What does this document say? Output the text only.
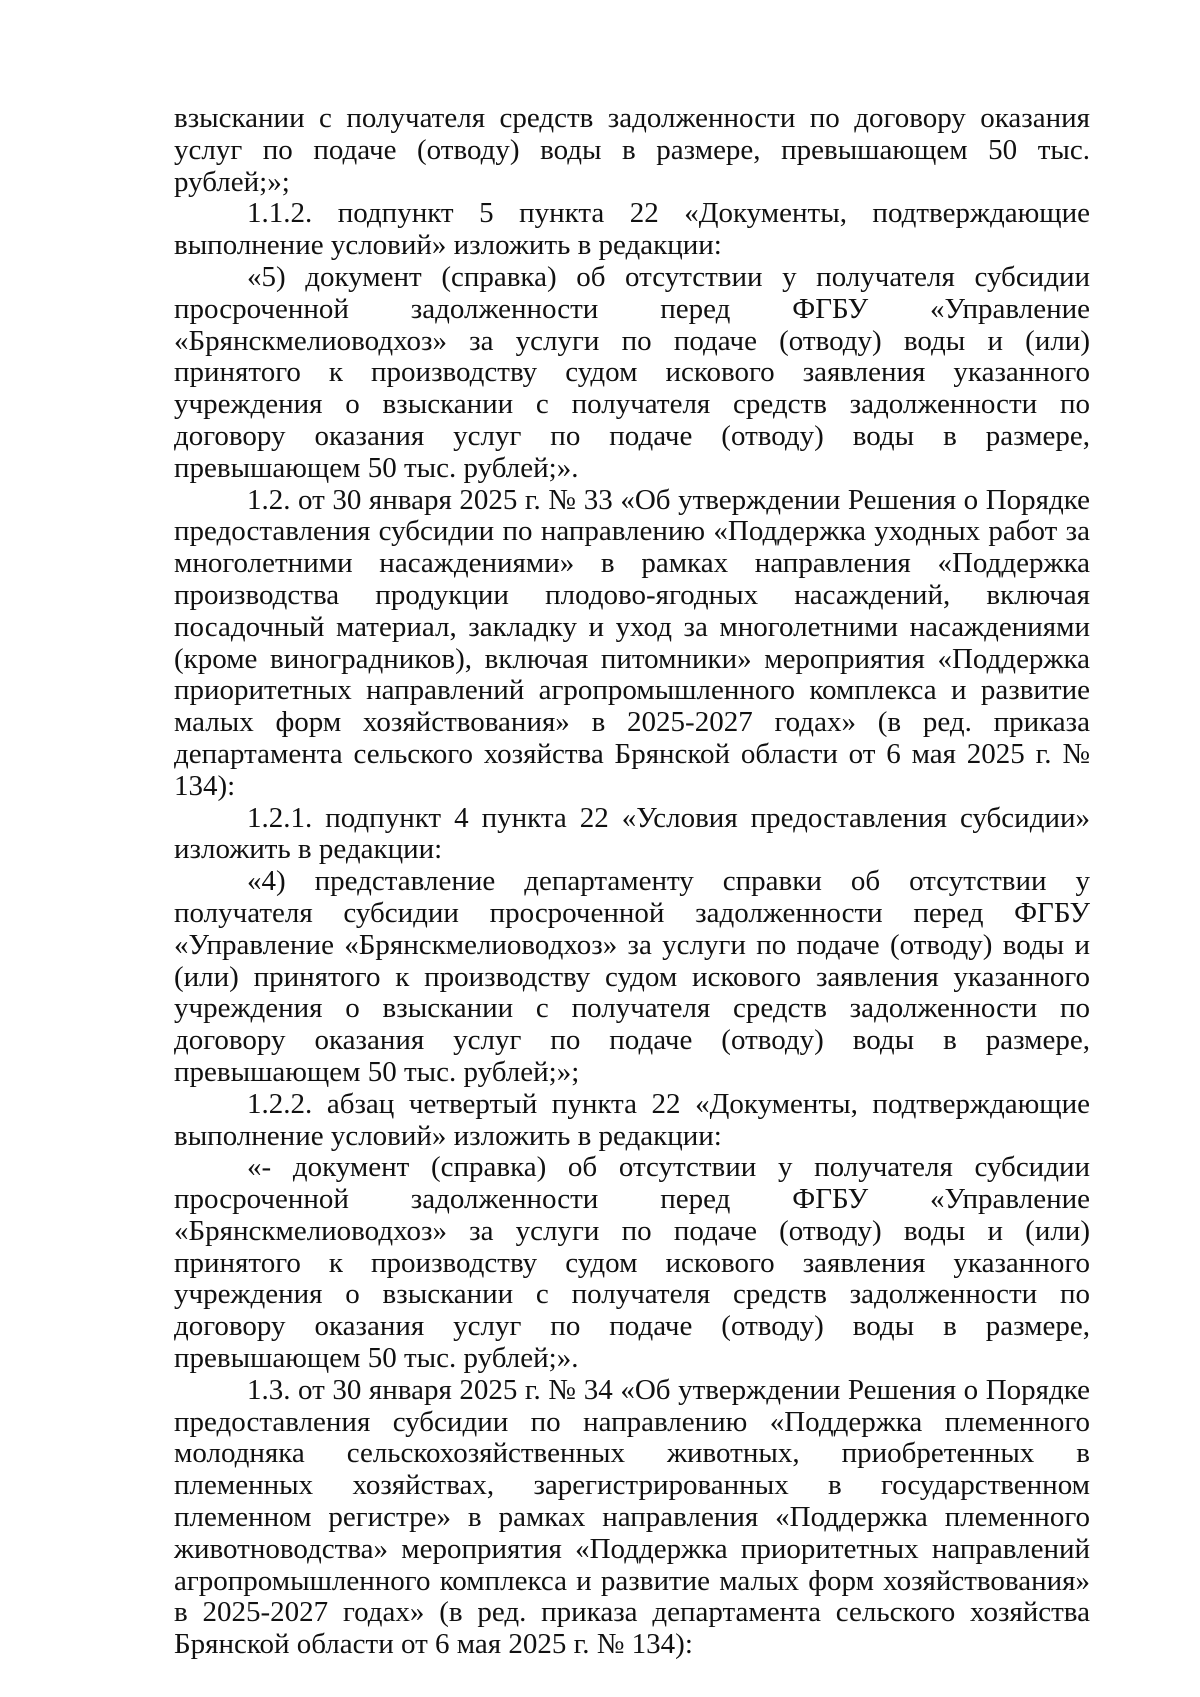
взыскании с получателя средств задолженности по договору оказания услуг по подаче (отводу) воды в размере, превышающем 50 тыс. рублей;»;

1.1.2. подпункт 5 пункта 22 «Документы, подтверждающие выполнение условий» изложить в редакции:

«5) документ (справка) об отсутствии у получателя субсидии просроченной задолженности перед ФГБУ «Управление «Брянскмелиоводхоз» за услуги по подаче (отводу) воды и (или) принятого к производству судом искового заявления указанного учреждения о взыскании с получателя средств задолженности по договору оказания услуг по подаче (отводу) воды в размере, превышающем 50 тыс. рублей;».

1.2. от 30 января 2025 г. № 33 «Об утверждении Решения о Порядке предоставления субсидии по направлению «Поддержка уходных работ за многолетними насаждениями» в рамках направления «Поддержка производства продукции плодово-ягодных насаждений, включая посадочный материал, закладку и уход за многолетними насаждениями (кроме виноградников), включая питомники» мероприятия «Поддержка приоритетных направлений агропромышленного комплекса и развитие малых форм хозяйствования» в 2025-2027 годах» (в ред. приказа департамента сельского хозяйства Брянской области от 6 мая 2025 г. № 134):

1.2.1. подпункт 4 пункта 22 «Условия предоставления субсидии» изложить в редакции:

«4) представление департаменту справки об отсутствии у получателя субсидии просроченной задолженности перед ФГБУ «Управление «Брянскмелиоводхоз» за услуги по подаче (отводу) воды и (или) принятого к производству судом искового заявления указанного учреждения о взыскании с получателя средств задолженности по договору оказания услуг по подаче (отводу) воды в размере, превышающем 50 тыс. рублей;»;

1.2.2. абзац четвертый пункта 22 «Документы, подтверждающие выполнение условий» изложить в редакции:

«- документ (справка) об отсутствии у получателя субсидии просроченной задолженности перед ФГБУ «Управление «Брянскмелиоводхоз» за услуги по подаче (отводу) воды и (или) принятого к производству судом искового заявления указанного учреждения о взыскании с получателя средств задолженности по договору оказания услуг по подаче (отводу) воды в размере, превышающем 50 тыс. рублей;».

1.3. от 30 января 2025 г. № 34 «Об утверждении Решения о Порядке предоставления субсидии по направлению «Поддержка племенного молодняка сельскохозяйственных животных, приобретенных в племенных хозяйствах, зарегистрированных в государственном племенном регистре» в рамках направления «Поддержка племенного животноводства» мероприятия «Поддержка приоритетных направлений агропромышленного комплекса и развитие малых форм хозяйствования» в 2025-2027 годах» (в ред. приказа департамента сельского хозяйства Брянской области от 6 мая 2025 г. № 134):
